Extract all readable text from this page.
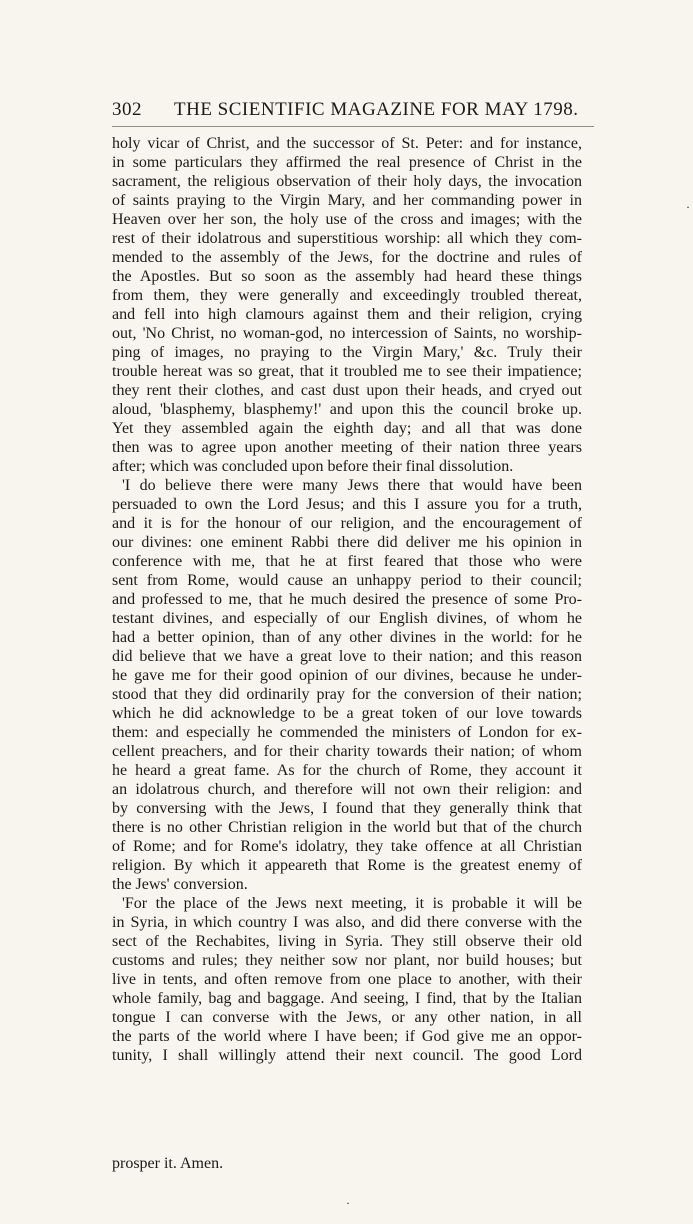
302 THE SCIENTIFIC MAGAZINE FOR MAY 1798.
holy vicar of Christ, and the successor of St. Peter: and for instance,
in some particulars they affirmed the real presence of Christ in the
sacrament, the religious observation of their holy days, the invocation
of saints praying to the Virgin Mary, and her commanding power in
Heaven over her son, the holy use of the cross and images; with the
rest of their idolatrous and superstitious worship: all which they com-
mended to the assembly of the Jews, for the doctrine and rules of
the Apostles. But so soon as the assembly had heard these things
from them, they were generally and exceedingly troubled thereat,
and fell into high clamours against them and their religion, crying
out, 'No Christ, no woman-god, no intercession of Saints, no worship-
ping of images, no praying to the Virgin Mary,' &c. Truly their
trouble hereat was so great, that it troubled me to see their impatience;
they rent their clothes, and cast dust upon their heads, and cryed out
aloud, 'blasphemy, blasphemy!' and upon this the council broke up.
Yet they assembled again the eighth day; and all that was done
then was to agree upon another meeting of their nation three years
after; which was concluded upon before their final dissolution.
'I do believe there were many Jews there that would have been
persuaded to own the Lord Jesus; and this I assure you for a truth,
and it is for the honour of our religion, and the encouragement of
our divines: one eminent Rabbi there did deliver me his opinion in
conference with me, that he at first feared that those who were
sent from Rome, would cause an unhappy period to their council;
and professed to me, that he much desired the presence of some Pro-
testant divines, and especially of our English divines, of whom he
had a better opinion, than of any other divines in the world: for he
did believe that we have a great love to their nation; and this reason
he gave me for their good opinion of our divines, because he under-
stood that they did ordinarily pray for the conversion of their nation;
which he did acknowledge to be a great token of our love towards
them: and especially he commended the ministers of London for ex-
cellent preachers, and for their charity towards their nation; of whom
he heard a great fame. As for the church of Rome, they account it
an idolatrous church, and therefore will not own their religion: and
by conversing with the Jews, I found that they generally think that
there is no other Christian religion in the world but that of the church
of Rome; and for Rome's idolatry, they take offence at all Christian
religion. By which it appeareth that Rome is the greatest enemy of
the Jews' conversion.
'For the place of the Jews next meeting, it is probable it will be
in Syria, in which country I was also, and did there converse with the
sect of the Rechabites, living in Syria. They still observe their old
customs and rules; they neither sow nor plant, nor build houses; but
live in tents, and often remove from one place to another, with their
whole family, bag and baggage. And seeing, I find, that by the Italian
tongue I can converse with the Jews, or any other nation, in all
the parts of the world where I have been; if God give me an oppor-
tunity, I shall willingly attend their next council. The good Lord
prosper it. Amen.
·
·
